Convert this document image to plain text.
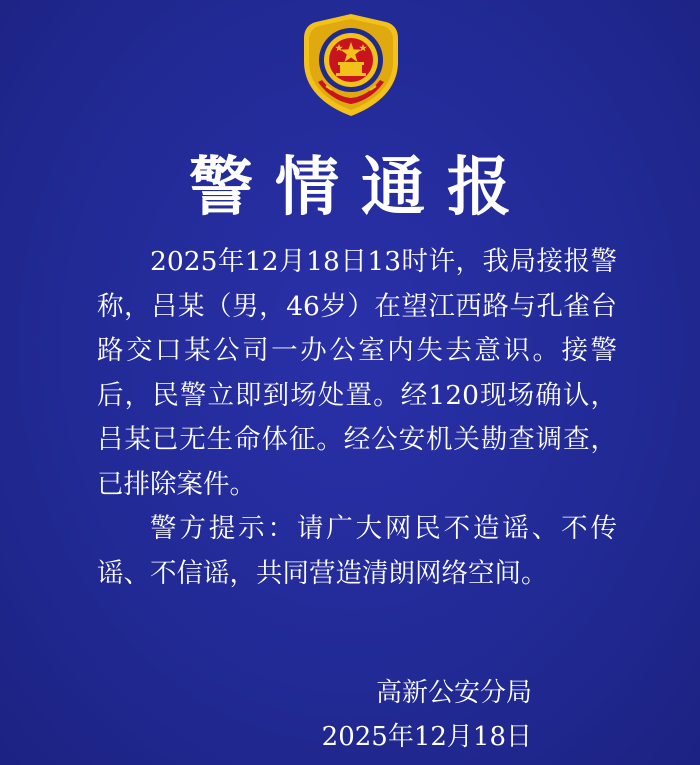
警情通报

2025年12月18日13时许，我局接报警称，吕某（男，46岁）在望江西路与孔雀台路交口某公司一办公室内失去意识。接警后，民警立即到场处置。经120现场确认，吕某已无生命体征。经公安机关勘查调查，已排除案件。

警方提示：请广大网民不造谣、不传谣、不信谣，共同营造清朗网络空间。

高新公安分局
2025年12月18日
